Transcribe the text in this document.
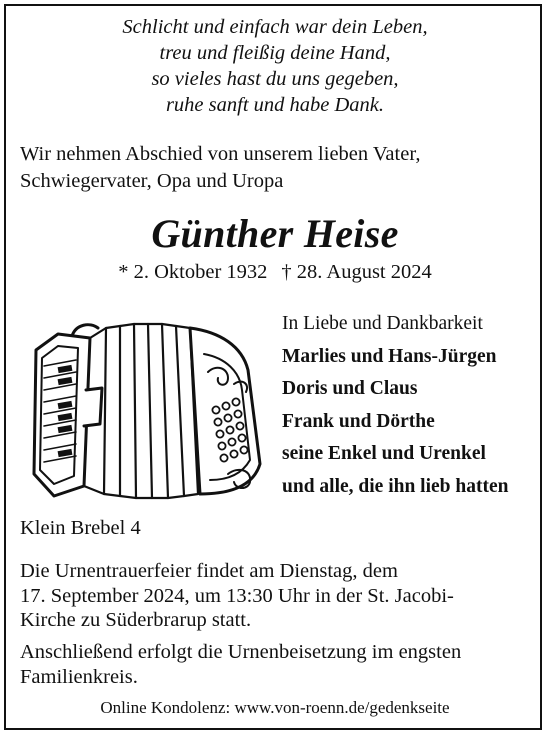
Schlicht und einfach war dein Leben,
treu und fleißig deine Hand,
so vieles hast du uns gegeben,
ruhe sanft und habe Dank.
Wir nehmen Abschied von unserem lieben Vater,
Schwiegervater, Opa und Uropa
Günther Heise
* 2. Oktober 1932 † 28. August 2024
In Liebe und Dankbarkeit
Marlies und Hans-Jürgen
Doris und Claus
Frank und Dörthe
seine Enkel und Urenkel
und alle, die ihn lieb hatten
Klein Brebel 4
Die Urnentrauerfeier findet am Dienstag, dem
17. September 2024, um 13:30 Uhr in der St. Jacobi-
Kirche zu Süderbrarup statt.
Anschließend erfolgt die Urnenbeisetzung im engsten
Familienkreis.
Online Kondolenz: www.von-roenn.de/gedenkseite
